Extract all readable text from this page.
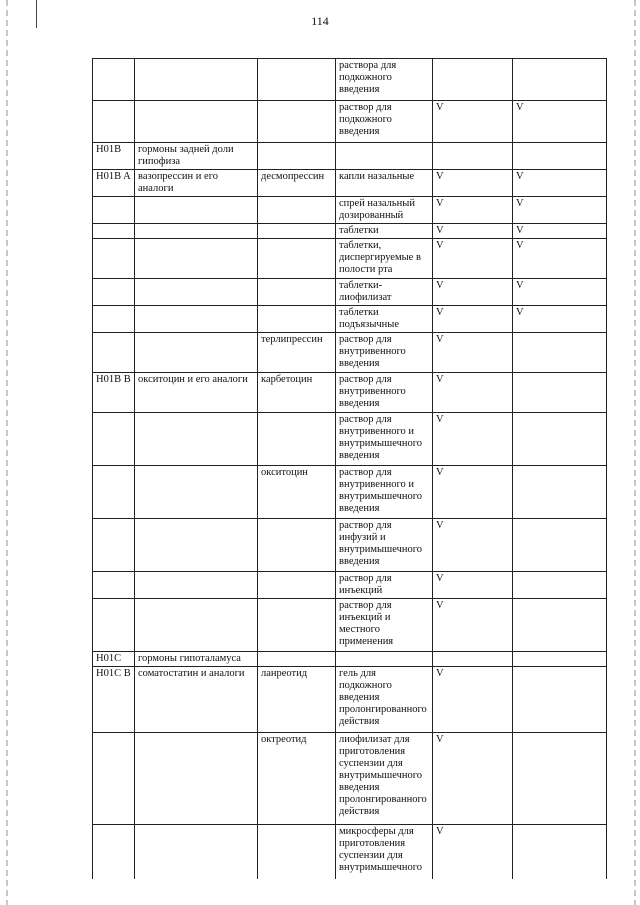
114
			раствора для подкожного введения		
			раствор для подкожного введения	V	V
H01B	гормоны задней доли гипофиза				
H01B A	вазопрессин и его аналоги	десмопрессин	капли назальные	V	V
			спрей назальный дозированный	V	V
			таблетки	V	V
			таблетки, диспергируемые в полости рта	V	V
			таблетки-лиофилизат	V	V
			таблетки подъязычные	V	V
		терлипрессин	раствор для внутривенного введения	V	
H01B B	окситоцин и его аналоги	карбетоцин	раствор для внутривенного введения	V	
			раствор для внутривенного и внутримышечного введения	V	
		окситоцин	раствор для внутривенного и внутримышечного введения	V	
			раствор для инфузий и внутримышечного введения	V	
			раствор для инъекций	V	
			раствор для инъекций и местного применения	V	
H01C	гормоны гипоталамуса				
H01C B	соматостатин и аналоги	ланреотид	гель для подкожного введения пролонгированного действия	V	
		октреотид	лиофилизат для приготовления суспензии для внутримышечного введения пролонгированного действия	V	
			микросферы для приготовления суспензии для внутримышечного	V	
